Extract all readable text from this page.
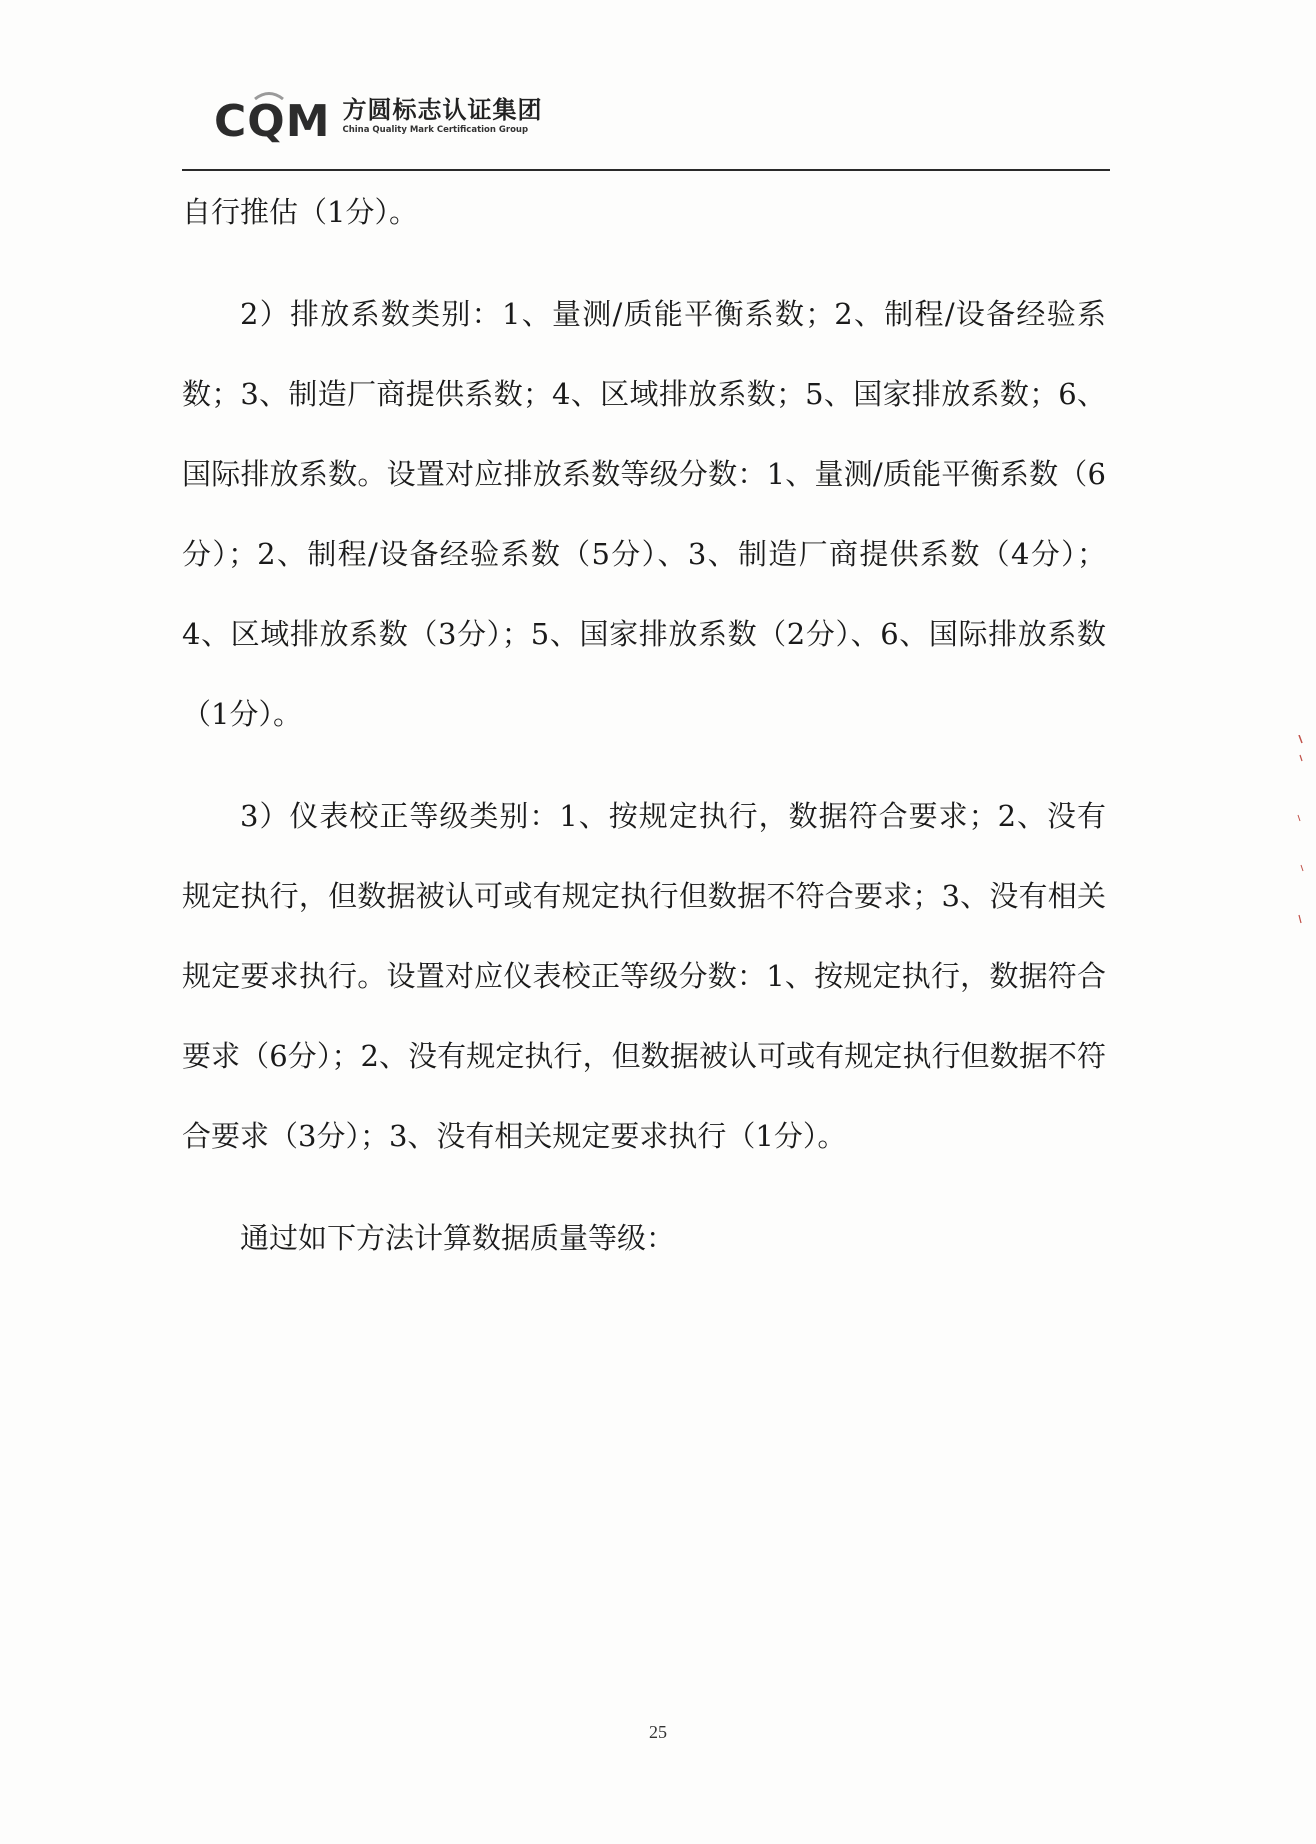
CQM 方圆标志认证集团
China Quality Mark Certification Group

自行推估（1分）。

2）排放系数类别：1、量测/质能平衡系数；2、制程/设备经验系数；3、制造厂商提供系数；4、区域排放系数；5、国家排放系数；6、国际排放系数。设置对应排放系数等级分数：1、量测/质能平衡系数（6分）；2、制程/设备经验系数（5分）、3、制造厂商提供系数（4分）；4、区域排放系数（3分）；5、国家排放系数（2分）、6、国际排放系数（1分）。

3）仪表校正等级类别：1、按规定执行，数据符合要求；2、没有规定执行，但数据被认可或有规定执行但数据不符合要求；3、没有相关规定要求执行。设置对应仪表校正等级分数：1、按规定执行，数据符合要求（6分）；2、没有规定执行，但数据被认可或有规定执行但数据不符合要求（3分）；3、没有相关规定要求执行（1分）。

通过如下方法计算数据质量等级：

25
